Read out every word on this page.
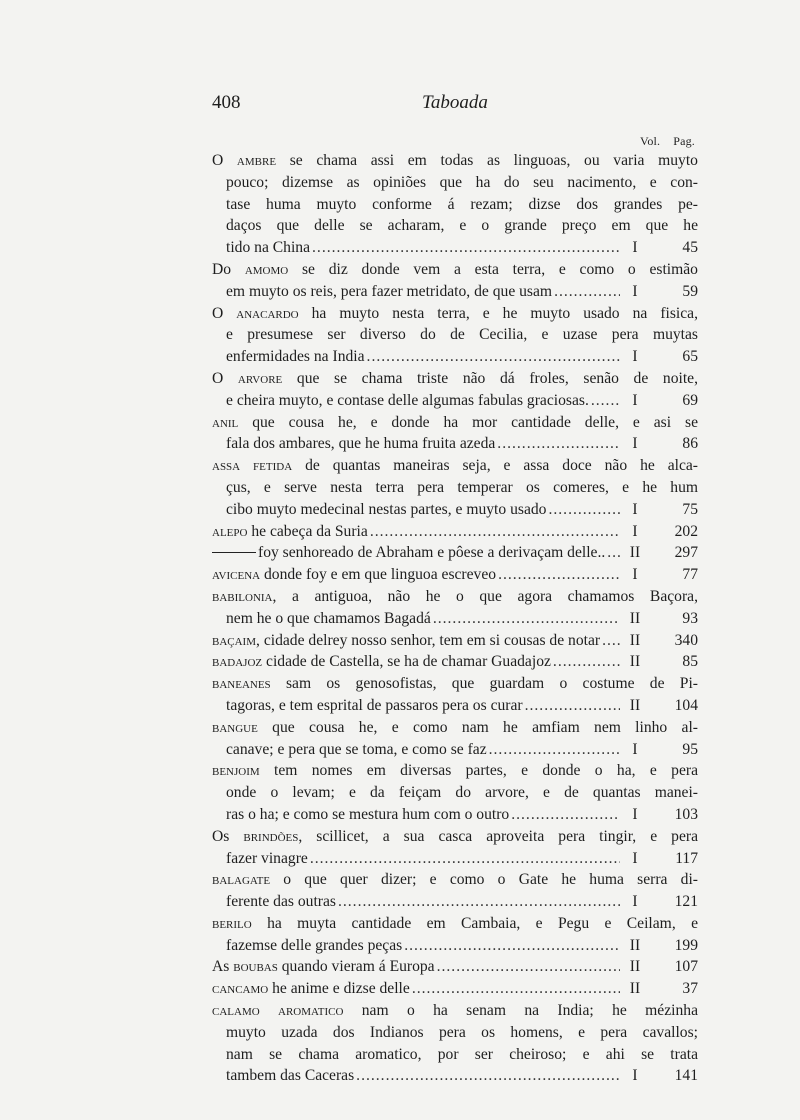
408	Taboada
Vol. Pag.
O ambre se chama assi em todas as linguoas, ou varia muyto
pouco; dizemse as opiniões que ha do seu nacimento, e con-
tase huma muyto conforme á rezam; dizse dos grandes pe-
daços que delle se acharam, e o grande preço em que he
tido na China .....	I	45
Do amomo se diz donde vem a esta terra, e como o estimão
em muyto os reis, pera fazer metridato, de que usam .....	I	59
O anacardo ha muyto nesta terra, e he muyto usado na fisica,
e presumese ser diverso do de Cecilia, e uzase pera muytas
enfermidades na India .....	I	65
O arvore que se chama triste não dá froles, senão de noite,
e cheira muyto, e contase delle algumas fabulas graciosas. .....	I	69
anil que cousa he, e donde ha mor cantidade delle, e asi se
fala dos ambares, que he huma fruita azeda .....	I	86
assa fetida de quantas maneiras seja, e assa doce não he alca-
çus, e serve nesta terra pera temperar os comeres, e he hum
cibo muyto medecinal nestas partes, e muyto usado .....	I	75
alepo he cabeça da Suria .....	I	202
foy senhoreado de Abraham e pôese a derivaçam delle.. .....	II	297
avicena donde foy e em que linguoa escreveo .....	I	77
babilonia, a antiguoa, não he o que agora chamamos Baçora,
nem he o que chamamos Bagadá .....	II	93
baçaim, cidade delrey nosso senhor, tem em si cousas de notar .....	II	340
badajoz cidade de Castella, se ha de chamar Guadajoz .....	II	85
baneanes sam os genosofistas, que guardam o costume de Pi-
tagoras, e tem esprital de passaros pera os curar .....	II	104
bangue que cousa he, e como nam he amfiam nem linho al-
canave; e pera que se toma, e como se faz .....	I	95
benjoim tem nomes em diversas partes, e donde o ha, e pera
onde o levam; e da feiçam do arvore, e de quantas manei-
ras o ha; e como se mestura hum com o outro .....	I	103
Os brindões, scillicet, a sua casca aproveita pera tingir, e pera
fazer vinagre .....	I	117
balagate o que quer dizer; e como o Gate he huma serra di-
ferente das outras .....	I	121
berilo ha muyta cantidade em Cambaia, e Pegu e Ceilam, e
fazemse delle grandes peças .....	II	199
As boubas quando vieram á Europa .....	II	107
cancamo he anime e dizse delle .....	II	37
calamo aromatico nam o ha senam na India; he mézinha
muyto uzada dos Indianos pera os homens, e pera cavallos;
nam se chama aromatico, por ser cheiroso; e ahi se trata
tambem das Caceras .....	I	141
